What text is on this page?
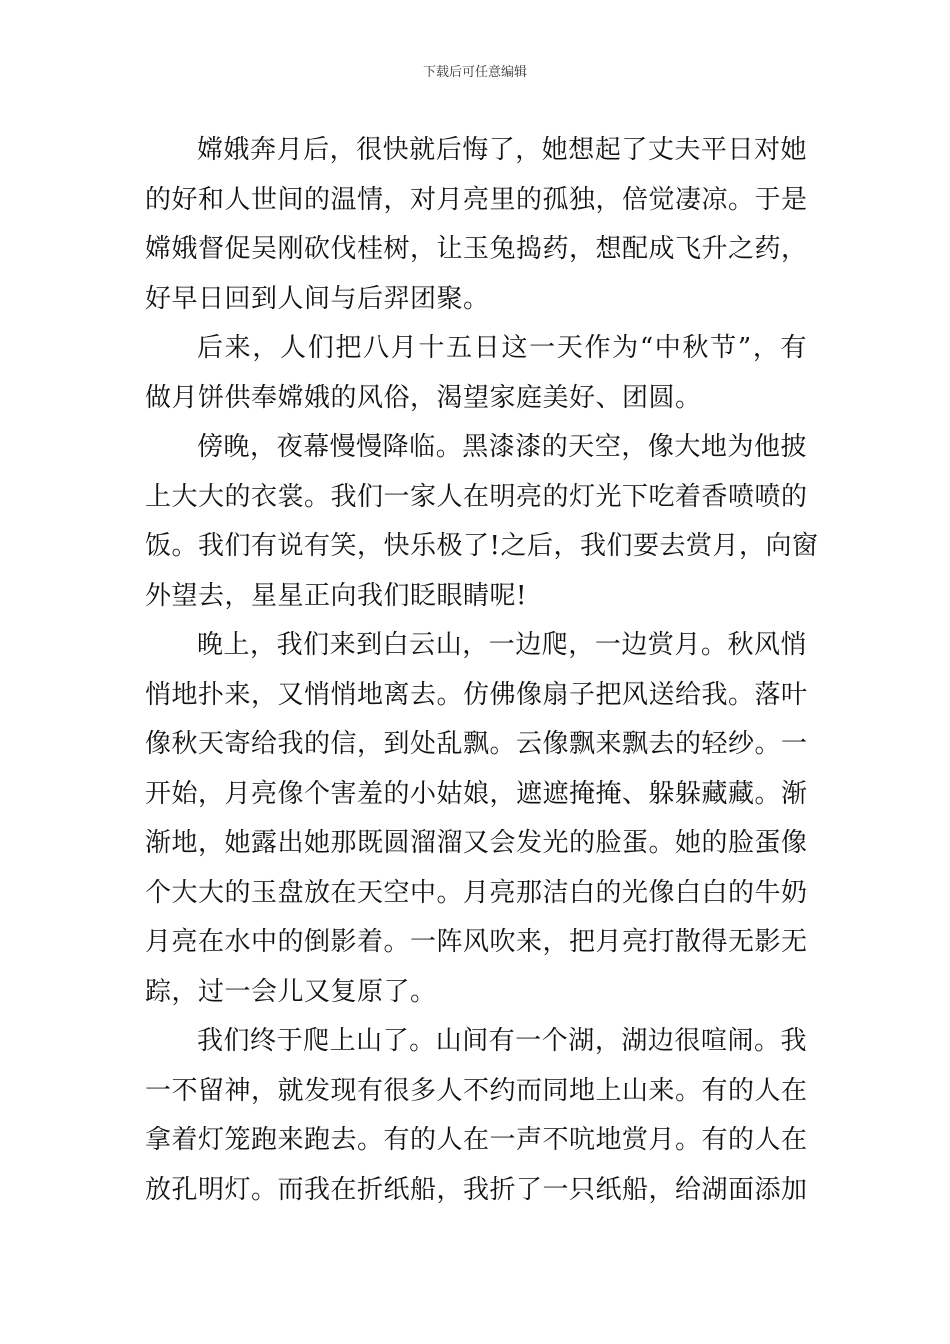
下载后可任意编辑
嫦娥奔月后，很快就后悔了，她想起了丈夫平日对她
的好和人世间的温情，对月亮里的孤独，倍觉凄凉。于是
嫦娥督促吴刚砍伐桂树，让玉兔捣药，想配成飞升之药，
好早日回到人间与后羿团聚。
后来，人们把八月十五日这一天作为“中秋节”，有
做月饼供奉嫦娥的风俗，渴望家庭美好、团圆。
傍晚，夜幕慢慢降临。黑漆漆的天空，像大地为他披
上大大的衣裳。我们一家人在明亮的灯光下吃着香喷喷的
饭。我们有说有笑，快乐极了!之后，我们要去赏月，向窗
外望去，星星正向我们眨眼睛呢!
晚上，我们来到白云山，一边爬，一边赏月。秋风悄
悄地扑来，又悄悄地离去。仿佛像扇子把风送给我。落叶
像秋天寄给我的信，到处乱飘。云像飘来飘去的轻纱。一
开始，月亮像个害羞的小姑娘，遮遮掩掩、躲躲藏藏。渐
渐地，她露出她那既圆溜溜又会发光的脸蛋。她的脸蛋像
个大大的玉盘放在天空中。月亮那洁白的光像白白的牛奶
月亮在水中的倒影着。一阵风吹来，把月亮打散得无影无
踪，过一会儿又复原了。
我们终于爬上山了。山间有一个湖，湖边很喧闹。我
一不留神，就发现有很多人不约而同地上山来。有的人在
拿着灯笼跑来跑去。有的人在一声不吭地赏月。有的人在
放孔明灯。而我在折纸船，我折了一只纸船，给湖面添加
